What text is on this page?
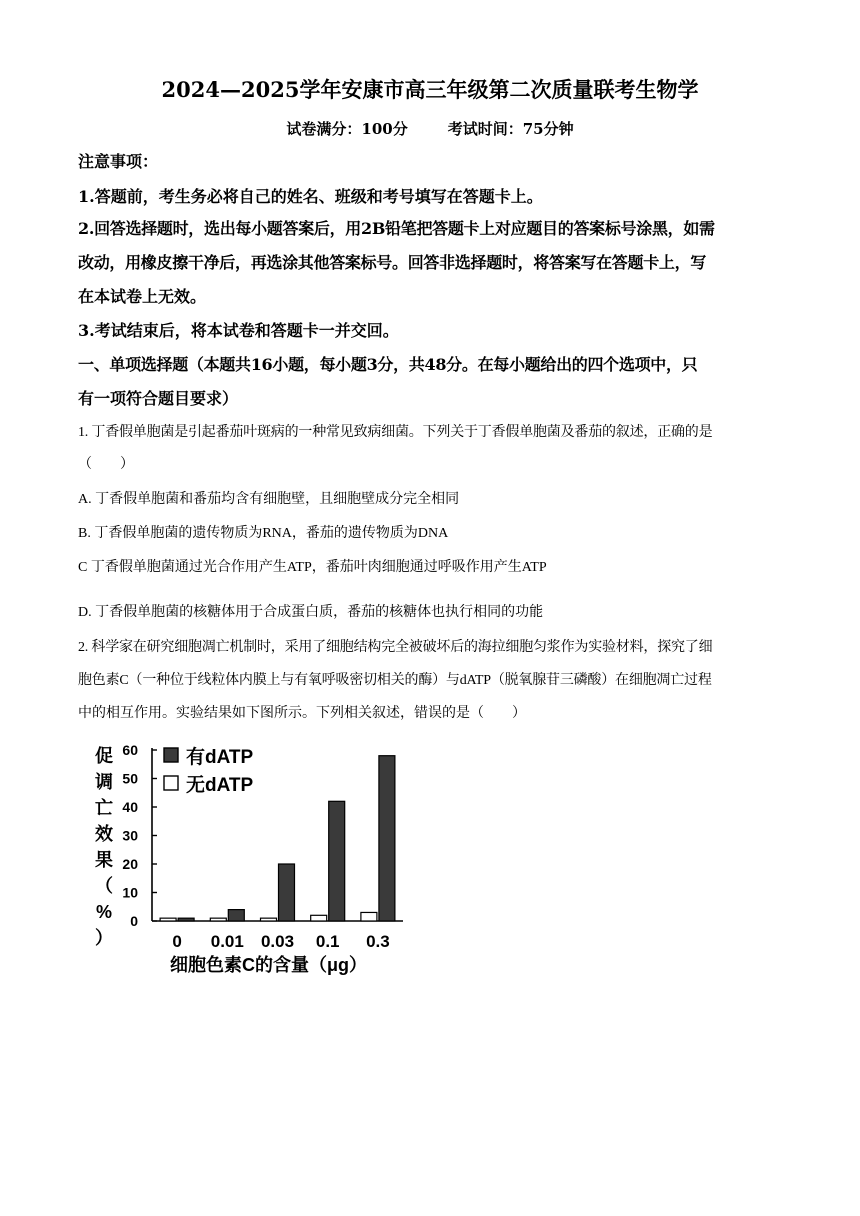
2024—2025学年安康市高三年级第二次质量联考生物学
试卷满分：100分	考试时间：75分钟
注意事项：
1.答题前，考生务必将自己的姓名、班级和考号填写在答题卡上。
2.回答选择题时，选出每小题答案后，用2B铅笔把答题卡上对应题目的答案标号涂黑，如需
改动，用橡皮擦干净后，再选涂其他答案标号。回答非选择题时，将答案写在答题卡上，写
在本试卷上无效。
3.考试结束后，将本试卷和答题卡一并交回。
一、单项选择题（本题共16小题，每小题3分，共48分。在每小题给出的四个选项中，只
有一项符合题目要求）
1. 丁香假单胞菌是引起番茄叶斑病的一种常见致病细菌。下列关于丁香假单胞菌及番茄的叙述，正确的是
（　　）
A. 丁香假单胞菌和番茄均含有细胞壁，且细胞壁成分完全相同
B. 丁香假单胞菌的遗传物质为RNA，番茄的遗传物质为DNA
C 丁香假单胞菌通过光合作用产生ATP，番茄叶肉细胞通过呼吸作用产生ATP
D. 丁香假单胞菌的核糖体用于合成蛋白质，番茄的核糖体也执行相同的功能
2. 科学家在研究细胞凋亡机制时，采用了细胞结构完全被破坏后的海拉细胞匀浆作为实验材料，探究了细
胞色素C（一种位于线粒体内膜上与有氧呼吸密切相关的酶）与dATP（脱氧腺苷三磷酸）在细胞凋亡过程
中的相互作用。实验结果如下图所示。下列相关叙述，错误的是（　　）
促
调
亡
效
果
（
%
）
0
10
20
30
40
50
60
0 0.01 0.03 0.1 0.3
有dATP
无dATP
细胞色素C的含量（μg）
